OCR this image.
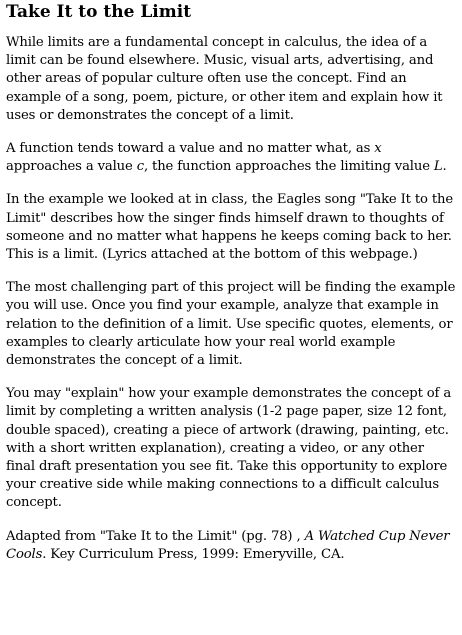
Take It to the Limit

While limits are a fundamental concept in calculus, the idea of a limit can be found elsewhere. Music, visual arts, advertising, and other areas of popular culture often use the concept. Find an example of a song, poem, picture, or other item and explain how it uses or demonstrates the concept of a limit.

A function tends toward a value and no matter what, as x approaches a value c, the function approaches the limiting value L.

In the example we looked at in class, the Eagles song "Take It to the Limit" describes how the singer finds himself drawn to thoughts of someone and no matter what happens he keeps coming back to her. This is a limit. (Lyrics attached at the bottom of this webpage.)

The most challenging part of this project will be finding the example you will use. Once you find your example, analyze that example in relation to the definition of a limit. Use specific quotes, elements, or examples to clearly articulate how your real world example demonstrates the concept of a limit.

You may "explain" how your example demonstrates the concept of a limit by completing a written analysis (1-2 page paper, size 12 font, double spaced), creating a piece of artwork (drawing, painting, etc. with a short written explanation), creating a video, or any other final draft presentation you see fit. Take this opportunity to explore your creative side while making connections to a difficult calculus concept.

Adapted from "Take It to the Limit" (pg. 78) , A Watched Cup Never Cools. Key Curriculum Press, 1999: Emeryville, CA.
